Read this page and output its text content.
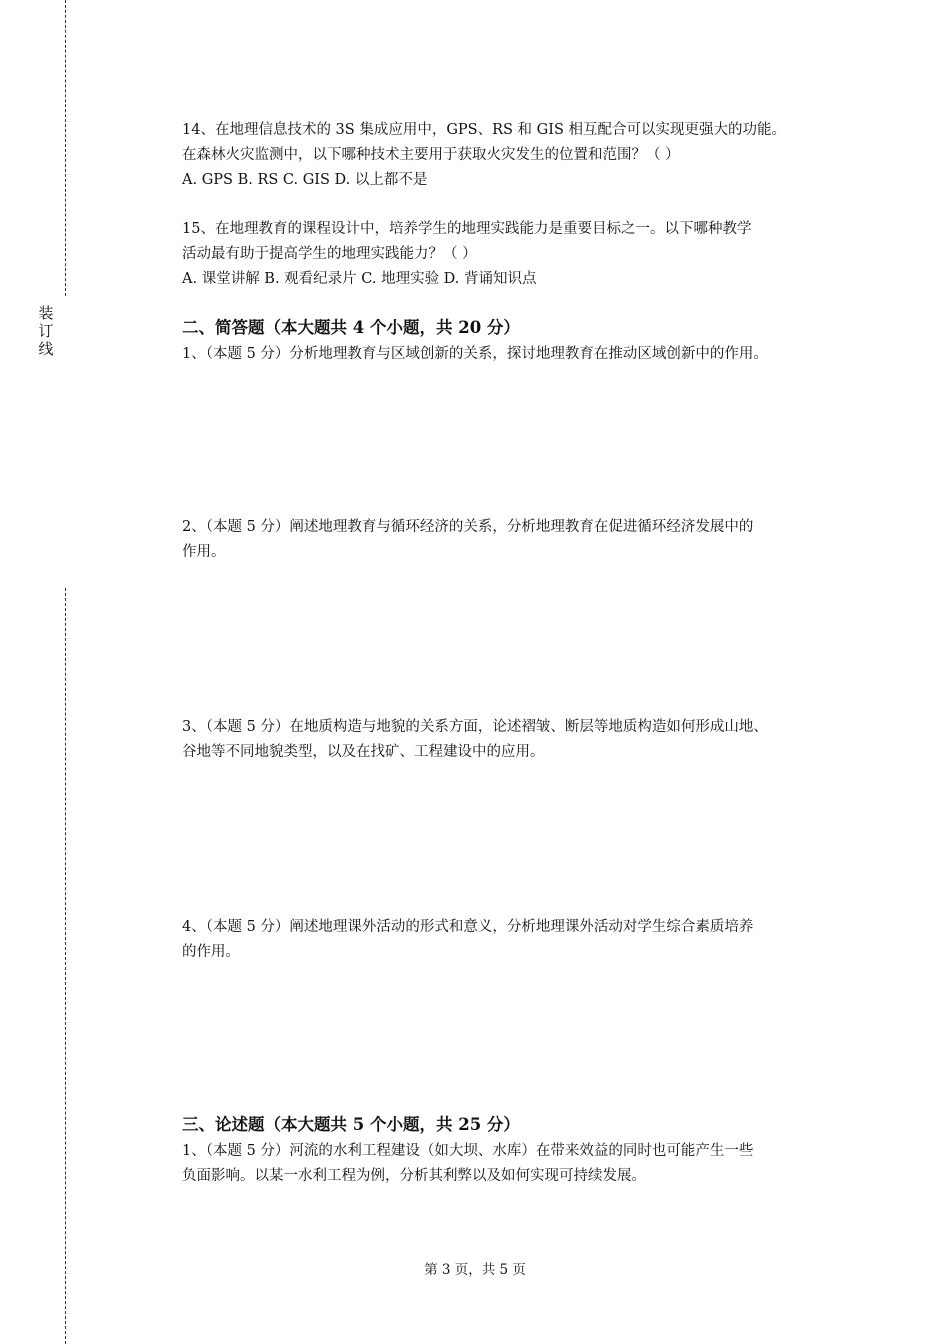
装
订
线
14、在地理信息技术的 3S 集成应用中，GPS、RS 和 GIS 相互配合可以实现更强大的功能。
在森林火灾监测中，以下哪种技术主要用于获取火灾发生的位置和范围？（ ）
A. GPS B. RS C. GIS D. 以上都不是
15、在地理教育的课程设计中，培养学生的地理实践能力是重要目标之一。以下哪种教学
活动最有助于提高学生的地理实践能力？（ ）
A. 课堂讲解 B. 观看纪录片 C. 地理实验 D. 背诵知识点
二、简答题（本大题共 4 个小题，共 20 分）
1、（本题 5 分）分析地理教育与区域创新的关系，探讨地理教育在推动区域创新中的作用。
2、（本题 5 分）阐述地理教育与循环经济的关系，分析地理教育在促进循环经济发展中的
作用。
3、（本题 5 分）在地质构造与地貌的关系方面，论述褶皱、断层等地质构造如何形成山地、
谷地等不同地貌类型，以及在找矿、工程建设中的应用。
4、（本题 5 分）阐述地理课外活动的形式和意义，分析地理课外活动对学生综合素质培养
的作用。
三、论述题（本大题共 5 个小题，共 25 分）
1、（本题 5 分）河流的水利工程建设（如大坝、水库）在带来效益的同时也可能产生一些
负面影响。以某一水利工程为例，分析其利弊以及如何实现可持续发展。
第 3 页，共 5 页
